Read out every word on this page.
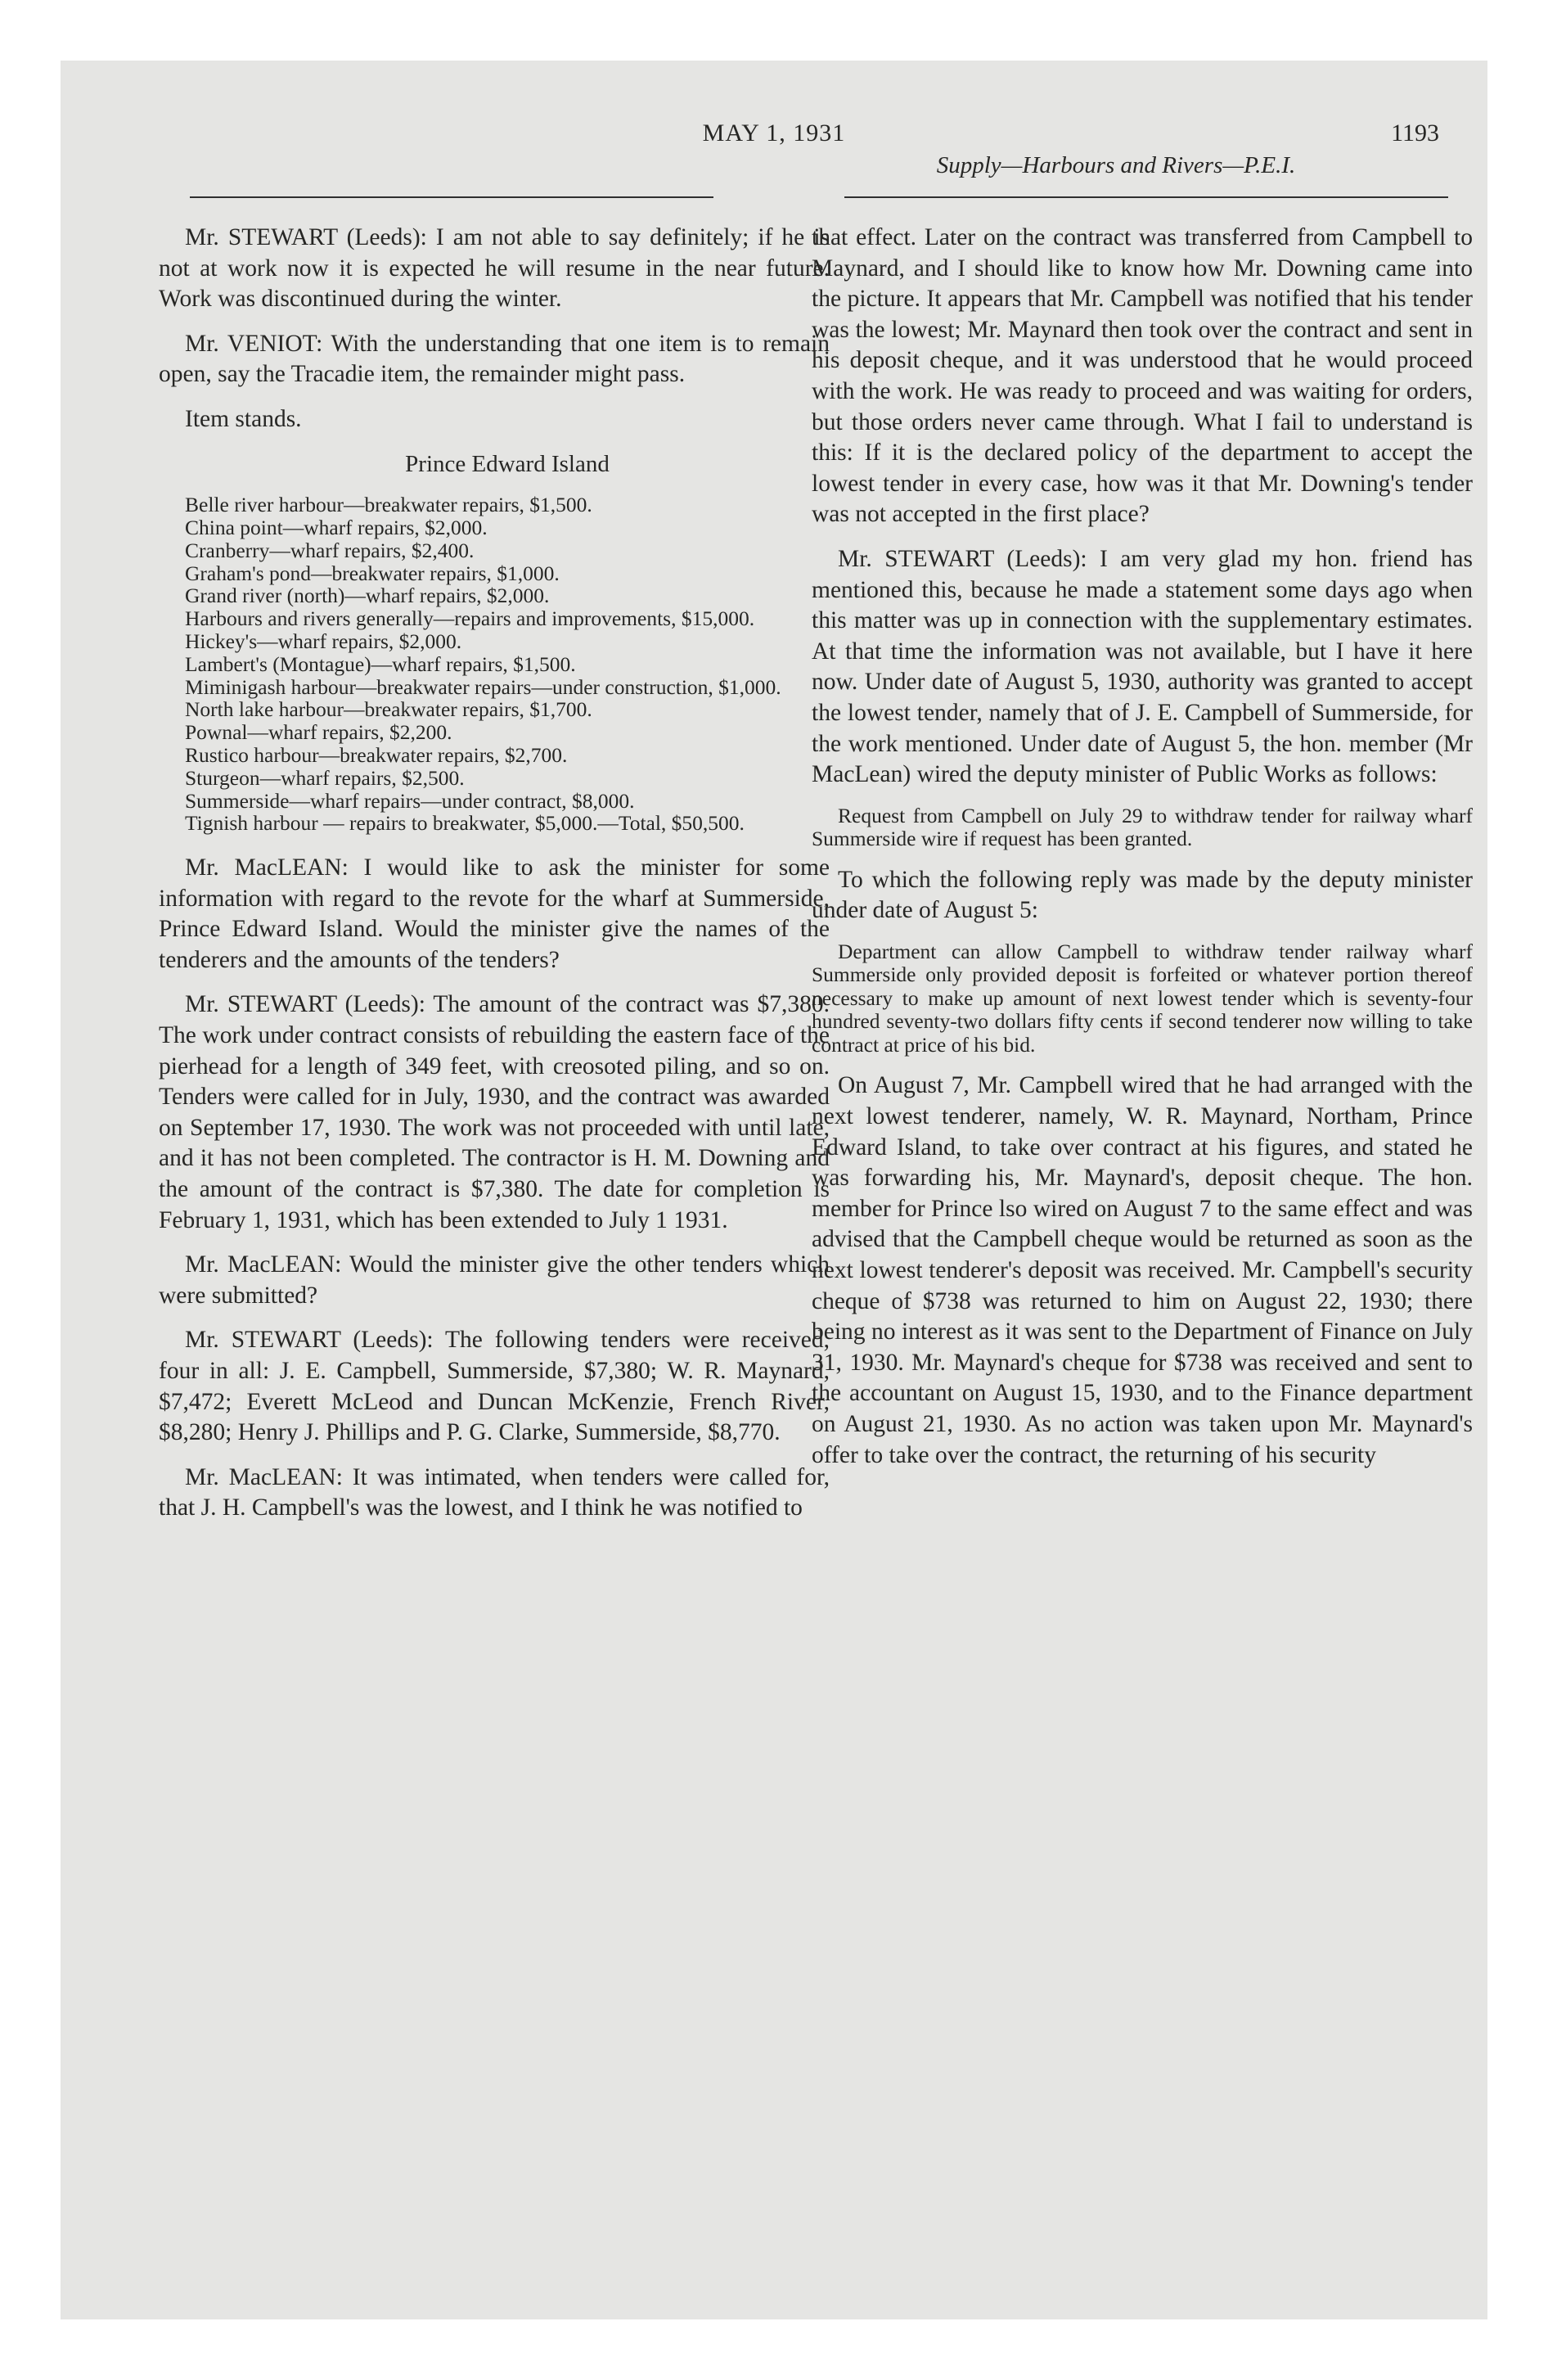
MAY 1, 1931	1193
Supply—Harbours and Rivers—P.E.I.

Mr. STEWART (Leeds): I am not able to say definitely; if he is not at work now it is expected he will resume in the near future. Work was discontinued during the winter.

Mr. VENIOT: With the understanding that one item is to remain open, say the Tracadie item, the remainder might pass.

Item stands.

Prince Edward Island

Belle river harbour—breakwater repairs, $1,500.
China point—wharf repairs, $2,000.
Cranberry—wharf repairs, $2,400.
Graham's pond—breakwater repairs, $1,000.
Grand river (north)—wharf repairs, $2,000.
Harbours and rivers generally—repairs and improvements, $15,000.
Hickey's—wharf repairs, $2,000.
Lambert's (Montague)—wharf repairs, $1,500.
Miminigash harbour—breakwater repairs—under construction, $1,000.
North lake harbour—breakwater repairs, $1,700.
Pownal—wharf repairs, $2,200.
Rustico harbour—breakwater repairs, $2,700.
Sturgeon—wharf repairs, $2,500.
Summerside—wharf repairs—under contract, $8,000.
Tignish harbour — repairs to breakwater, $5,000.—Total, $50,500.

Mr. MacLEAN: I would like to ask the minister for some information with regard to the revote for the wharf at Summerside, Prince Edward Island. Would the minister give the names of the tenderers and the amounts of the tenders?

Mr. STEWART (Leeds): The amount of the contract was $7,380. The work under contract consists of rebuilding the eastern face of the pierhead for a length of 349 feet, with creosoted piling, and so on. Tenders were called for in July, 1930, and the contract was awarded on September 17, 1930. The work was not proceeded with until late, and it has not been completed. The contractor is H. M. Downing and the amount of the contract is $7,380. The date for completion is February 1, 1931, which has been extended to July 1 1931.

Mr. MacLEAN: Would the minister give the other tenders which were submitted?

Mr. STEWART (Leeds): The following tenders were received, four in all: J. E. Campbell, Summerside, $7,380; W. R. Maynard, $7,472; Everett McLeod and Duncan McKenzie, French River, $8,280; Henry J. Phillips and P. G. Clarke, Summerside, $8,770.

Mr. MacLEAN: It was intimated, when tenders were called for, that J. H. Campbell's was the lowest, and I think he was notified to

that effect. Later on the contract was transferred from Campbell to Maynard, and I should like to know how Mr. Downing came into the picture. It appears that Mr. Campbell was notified that his tender was the lowest; Mr. Maynard then took over the contract and sent in his deposit cheque, and it was understood that he would proceed with the work. He was ready to proceed and was waiting for orders, but those orders never came through. What I fail to understand is this: If it is the declared policy of the department to accept the lowest tender in every case, how was it that Mr. Downing's tender was not accepted in the first place?

Mr. STEWART (Leeds): I am very glad my hon. friend has mentioned this, because he made a statement some days ago when this matter was up in connection with the supplementary estimates. At that time the information was not available, but I have it here now. Under date of August 5, 1930, authority was granted to accept the lowest tender, namely that of J. E. Campbell of Summerside, for the work mentioned. Under date of August 5, the hon. member (Mr MacLean) wired the deputy minister of Public Works as follows:

Request from Campbell on July 29 to withdraw tender for railway wharf Summerside wire if request has been granted.

To which the following reply was made by the deputy minister under date of August 5:

Department can allow Campbell to withdraw tender railway wharf Summerside only provided deposit is forfeited or whatever portion thereof necessary to make up amount of next lowest tender which is seventy-four hundred seventy-two dollars fifty cents if second tenderer now willing to take contract at price of his bid.

On August 7, Mr. Campbell wired that he had arranged with the next lowest tenderer, namely, W. R. Maynard, Northam, Prince Edward Island, to take over contract at his figures, and stated he was forwarding his, Mr. Maynard's, deposit cheque. The hon. member for Prince lso wired on August 7 to the same effect and was advised that the Campbell cheque would be returned as soon as the next lowest tenderer's deposit was received. Mr. Campbell's security cheque of $738 was returned to him on August 22, 1930; there being no interest as it was sent to the Department of Finance on July 31, 1930. Mr. Maynard's cheque for $738 was received and sent to the accountant on August 15, 1930, and to the Finance department on August 21, 1930. As no action was taken upon Mr. Maynard's offer to take over the contract, the returning of his security
